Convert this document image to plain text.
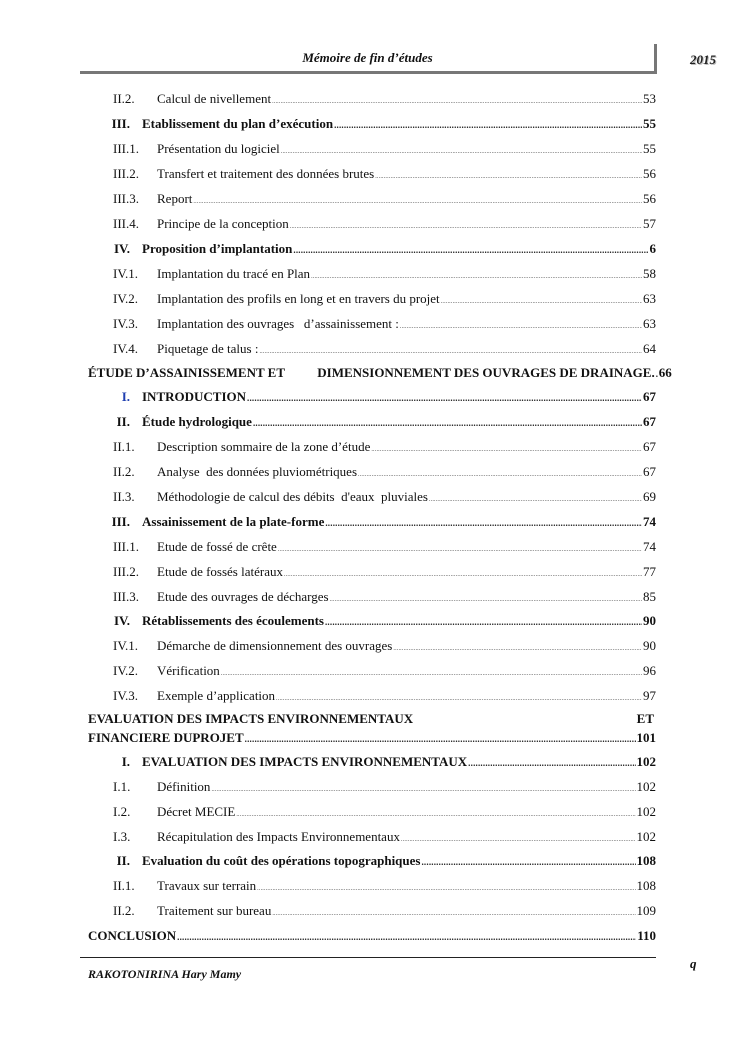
Mémoire de fin d’études	2015
II.2.	Calcul de nivellement .....	53
III. Etablissement du plan d’exécution .....	55
III.1.	Présentation du logiciel .....	55
III.2.	Transfert et traitement des données brutes .....	56
III.3.	Report .....	56
III.4.	Principe de la conception .....	57
IV. Proposition d’implantation .....	6
IV.1.	Implantation du tracé en Plan .....	58
IV.2.	Implantation des profils en long et en travers du projet .....	63
IV.3.	Implantation des ouvrages   d’assainissement : .....	63
IV.4.	Piquetage de talus : .....	64
ÉTUDE D’ASSAINISSEMENT ET          DIMENSIONNEMENT DES OUVRAGES DE DRAINAGE. ..... 66
I. INTRODUCTION .....	67
II. Étude hydrologique .....	67
II.1.	Description sommaire de la zone d’étude .....	67
II.2.	Analyse  des données pluviométriques .....	67
II.3.	Méthodologie de calcul des débits  d'eaux  pluviales .....	69
III. Assainissement de la plate-forme .....	74
III.1.	Etude de fossé de crête .....	74
III.2.	Etude de fossés latéraux .....	77
III.3.	Etude des ouvrages de décharges .....	85
IV. Rétablissements des écoulements .....	90
IV.1.	Démarche de dimensionnement des ouvrages .....	90
IV.2.	Vérification .....	96
IV.3.	Exemple d’application .....	97
EVALUATION DES IMPACTS ENVIRONNEMENTAUX	ET
FINANCIERE DUPROJET .....	101
I. EVALUATION DES IMPACTS ENVIRONNEMENTAUX .....	102
I.1.	Définition .....	102
I.2.	Décret MECIE .....	102
I.3.	Récapitulation des Impacts Environnementaux .....	102
II. Evaluation du coût des opérations topographiques .....	108
II.1.	Travaux sur terrain .....	108
II.2.	Traitement sur bureau .....	109
CONCLUSION .....	110
RAKOTONIRINA Hary Mamy
q
